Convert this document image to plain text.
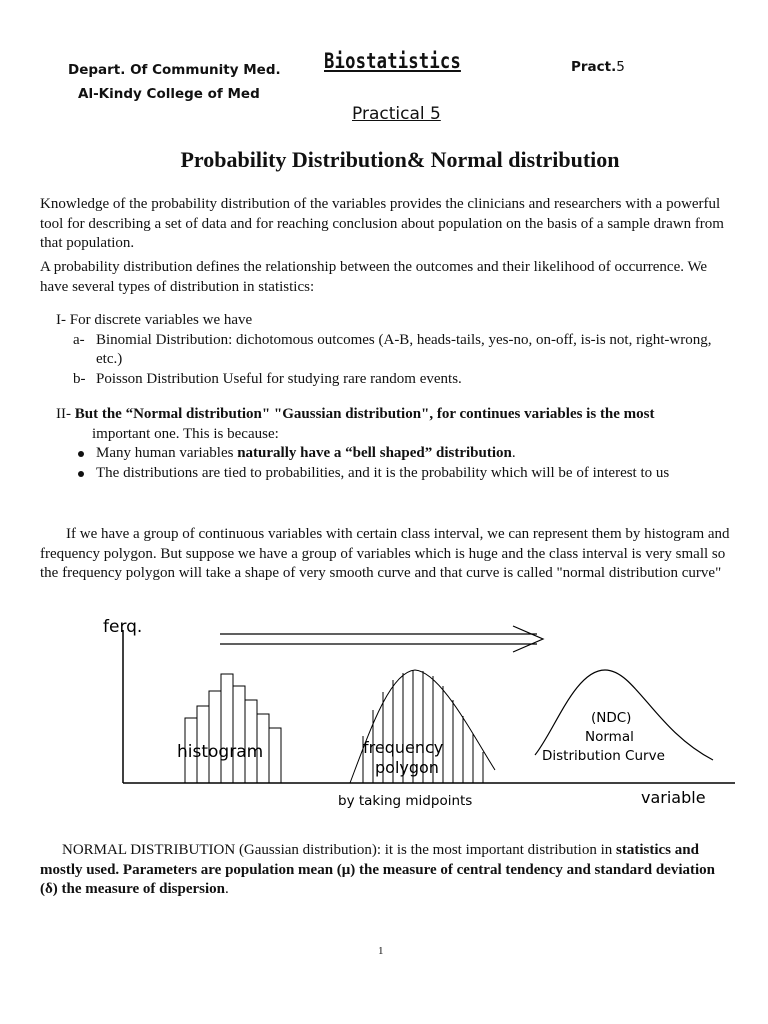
Depart. Of Community Med.
Al-Kindy College of Med
Biostatistics	Pract.5
Practical 5
Probability Distribution& Normal distribution
Knowledge of the probability distribution of the variables provides the clinicians and researchers with a powerful tool for describing a set of data and for reaching conclusion about population on the basis of a sample drawn from that population.
A probability distribution defines the relationship between the outcomes and their likelihood of occurrence. We have several types of distribution in statistics:
I- For discrete variables we have
a- Binomial Distribution: dichotomous outcomes (A-B, heads-tails, yes-no, on-off, is-is not, right-wrong, etc.)
b- Poisson Distribution Useful for studying rare random events.
II- But the “Normal distribution" "Gaussian distribution", for continues variables is the most
important one. This is because:
Many human variables naturally have a “bell shaped” distribution.
The distributions are tied to probabilities, and it is the probability which will be of interest to us
If we have a group of continuous variables with certain class interval, we can represent them by histogram and frequency polygon. But suppose we have a group of variables which is huge and the class interval is very small so the frequency polygon will take a shape of very smooth curve and that curve is called "normal distribution curve"
ferq.
variable
histogram	frequency
polygon
(NDC)
Normal
Distribution Curve
by taking midpoints
NORMAL DISTRIBUTION (Gaussian distribution): it is the most important distribution in statistics and mostly used. Parameters are population mean (μ) the measure of central tendency and standard deviation (δ) the measure of dispersion.
1
